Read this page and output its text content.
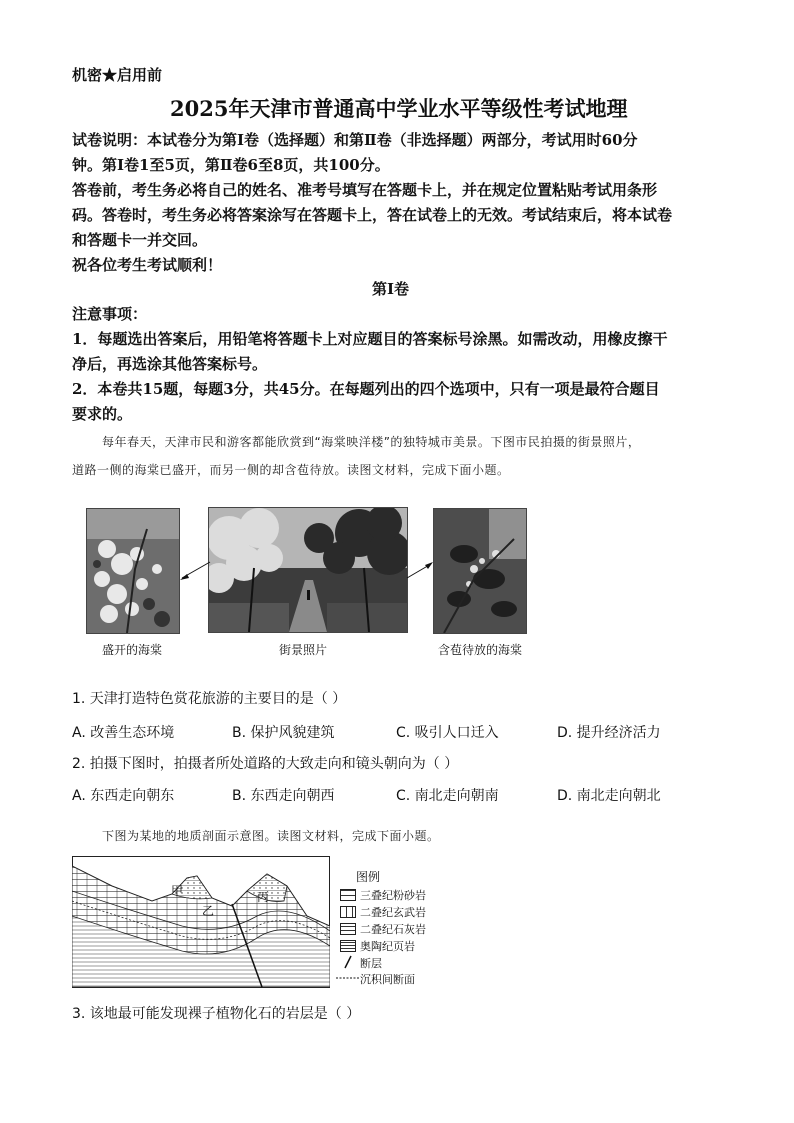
机密★启用前
2025年天津市普通高中学业水平等级性考试地理
试卷说明：本试卷分为第Ⅰ卷（选择题）和第Ⅱ卷（非选择题）两部分，考试用时60分
钟。第Ⅰ卷1至5页，第Ⅱ卷6至8页，共100分。
答卷前，考生务必将自己的姓名、准考号填写在答题卡上，并在规定位置粘贴考试用条形
码。答卷时，考生务必将答案涂写在答题卡上，答在试卷上的无效。考试结束后，将本试卷
和答题卡一并交回。
祝各位考生考试顺利！
第Ⅰ卷
注意事项：
1．每题选出答案后，用铅笔将答题卡上对应题目的答案标号涂黑。如需改动，用橡皮擦干
净后，再选涂其他答案标号。
2．本卷共15题，每题3分，共45分。在每题列出的四个选项中，只有一项是最符合题目
要求的。
每年春天，天津市民和游客都能欣赏到“海棠映洋楼”的独特城市美景。下图市民拍摄的街景照片，
道路一侧的海棠已盛开，而另一侧的却含苞待放。读图文材料，完成下面小题。
盛开的海棠	街景照片	含苞待放的海棠
1. 天津打造特色赏花旅游的主要目的是（ ）
A. 改善生态环境	B. 保护风貌建筑	C. 吸引人口迁入	D. 提升经济活力
2. 拍摄下图时，拍摄者所处道路的大致走向和镜头朝向为（ ）
A. 东西走向朝东	B. 东西走向朝西	C. 南北走向朝南	D. 南北走向朝北
下图为某地的地质剖面示意图。读图文材料，完成下面小题。
甲
乙
丙
图例
三叠纪粉砂岩
二叠纪玄武岩
二叠纪石灰岩
奥陶纪页岩
断层
沉积间断面
3. 该地最可能发现裸子植物化石的岩层是（ ）
